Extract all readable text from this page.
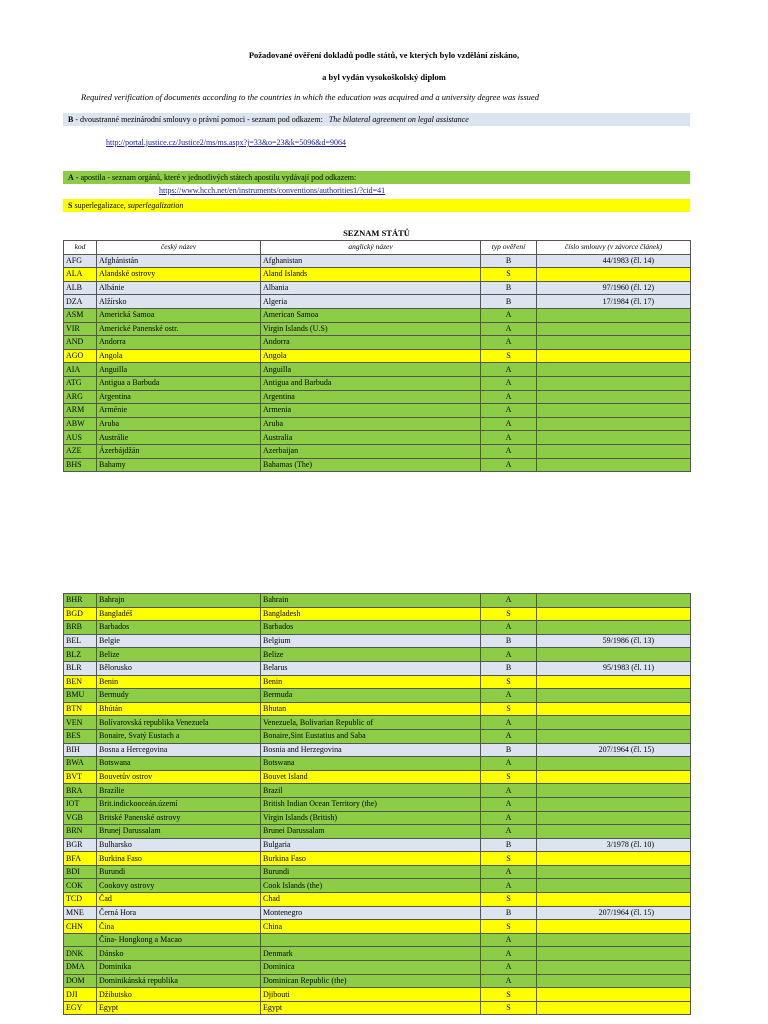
Požadované ověření dokladů podle států, ve kterých bylo vzdělání získáno,
a byl vydán vysokoškolský diplom
Required verification of documents according to the countries in which the education was acquired and a university degree was issued
B - dvoustranné mezinárodní smlouvy o právní pomoci - seznam pod odkazem: The bilateral agreement on legal assistance
http://portal.justice.cz/Justice2/ms/ms.aspx?j=33&o=23&k=5096&d=9064
A - apostila - seznam orgánů, které v jednotlivých státech apostilu vydávají pod odkazem:
https://www.hcch.net/en/instruments/conventions/authorities1/?cid=41
S superlegalizace, superlegalization
SEZNAM STÁTŮ
kod	český název	anglický název	typ ověření	číslo smlouvy (v závorce článek)
AFG	Afghánistán	Afghanistan	B	44/1983 (čl. 14)
ALA	Alandské ostrovy	Aland Islands	S	
ALB	Albánie	Albania	B	97/1960 (čl. 12)
DZA	Alžírsko	Algeria	B	17/1984 (čl. 17)
ASM	Americká Samoa	American Samoa	A	
VIR	Americké Panenské ostr.	Virgin Islands (U.S)	A	
AND	Andorra	Andorra	A	
AGO	Angola	Angola	S	
AIA	Anguilla	Anguilla	A	
ATG	Antigua a Barbuda	Antigua and Barbuda	A	
ARG	Argentina	Argentina	A	
ARM	Arménie	Armenia	A	
ABW	Aruba	Aruba	A	
AUS	Austrálie	Australia	A	
AZE	Ázerbájdžán	Azerbaijan	A	
BHS	Bahamy	Bahamas (The)	A	
BHR	Bahrajn	Bahrain	A	
BGD	Bangladéš	Bangladesh	S	
BRB	Barbados	Barbados	A	
BEL	Belgie	Belgium	B	59/1986 (čl. 13)
BLZ	Belize	Belize	A	
BLR	Bělorusko	Belarus	B	95/1983 (čl. 11)
BEN	Benin	Benin	S	
BMU	Bermudy	Bermuda	A	
BTN	Bhútán	Bhutan	S	
VEN	Bolívarovská republika Venezuela	Venezuela, Bolivarian Republic of	A	
BES	Bonaire, Svatý Eustach a	Bonaire,Sint Eustatius and Saba	A	
BIH	Bosna a Hercegovina	Bosnia and Herzegovina	B	207/1964 (čl. 15)
BWA	Botswana	Botswana	A	
BVT	Bouvetův ostrov	Bouvet Island	S	
BRA	Brazílie	Brazil	A	
IOT	Brit.indickooceán.území	British Indian Ocean Territory (the)	A	
VGB	Britské Panenské ostrovy	Virgin Islands (British)	A	
BRN	Brunej Darussalam	Brunei Darussalam	A	
BGR	Bulharsko	Bulgaria	B	3/1978 (čl. 10)
BFA	Burkina Faso	Burkina Faso	S	
BDI	Burundi	Burundi	A	
COK	Cookovy ostrovy	Cook Islands (the)	A	
TCD	Čad	Chad	S	
MNE	Černá Hora	Montenegro	B	207/1964 (čl. 15)
CHN	Čína	China	S	
	Čína- Hongkong a Macao		A	
DNK	Dánsko	Denmark	A	
DMA	Dominika	Dominica	A	
DOM	Dominikánská republika	Dominican Republic (the)	A	
DJI	Džibutsko	Djibouti	S	
EGY	Egypt	Egypt	S	
